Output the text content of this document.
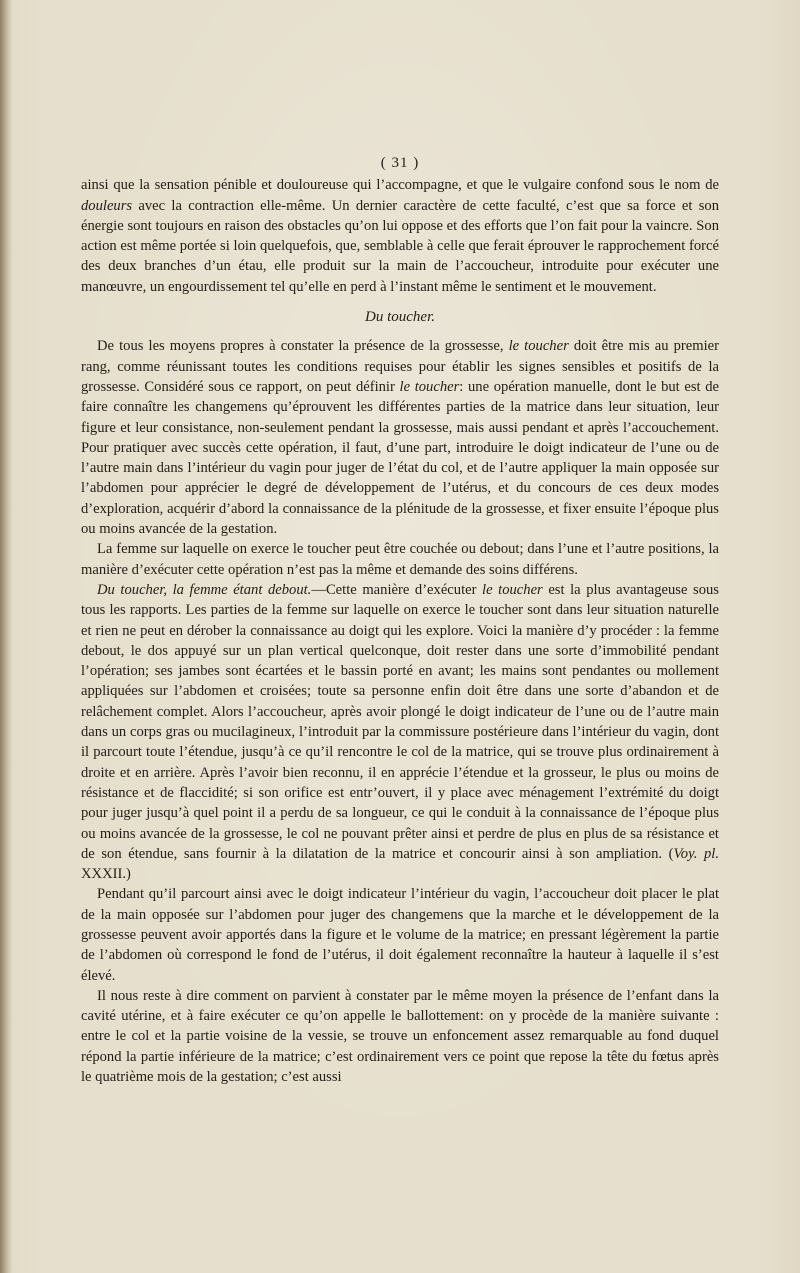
( 31 )

ainsi que la sensation pénible et douloureuse qui l’accompagne, et que le vulgaire confond sous le nom de douleurs avec la contraction elle-même. Un dernier caractère de cette faculté, c’est que sa force et son énergie sont toujours en raison des obstacles qu’on lui oppose et des efforts que l’on fait pour la vaincre. Son action est même portée si loin quelquefois, que, semblable à celle que ferait éprouver le rapprochement forcé des deux branches d’un étau, elle produit sur la main de l’accoucheur, introduite pour exécuter une manœuvre, un engourdissement tel qu’elle en perd à l’instant même le sentiment et le mouvement.

Du toucher.

De tous les moyens propres à constater la présence de la grossesse, le toucher doit être mis au premier rang, comme réunissant toutes les conditions requises pour établir les signes sensibles et positifs de la grossesse. Considéré sous ce rapport, on peut définir le toucher: une opération manuelle, dont le but est de faire connaître les changemens qu’éprouvent les différentes parties de la matrice dans leur situation, leur figure et leur consistance, non-seulement pendant la grossesse, mais aussi pendant et après l’accouchement. Pour pratiquer avec succès cette opération, il faut, d’une part, introduire le doigt indicateur de l’une ou de l’autre main dans l’intérieur du vagin pour juger de l’état du col, et de l’autre appliquer la main opposée sur l’abdomen pour apprécier le degré de développement de l’utérus, et du concours de ces deux modes d’exploration, acquérir d’abord la connaissance de la plénitude de la grossesse, et fixer ensuite l’époque plus ou moins avancée de la gestation.

La femme sur laquelle on exerce le toucher peut être couchée ou debout; dans l’une et l’autre positions, la manière d’exécuter cette opération n’est pas la même et demande des soins différens.

Du toucher, la femme étant debout.—Cette manière d’exécuter le toucher est la plus avantageuse sous tous les rapports. Les parties de la femme sur laquelle on exerce le toucher sont dans leur situation naturelle et rien ne peut en dérober la connaissance au doigt qui les explore. Voici la manière d’y procéder : la femme debout, le dos appuyé sur un plan vertical quelconque, doit rester dans une sorte d’immobilité pendant l’opération; ses jambes sont écartées et le bassin porté en avant; les mains sont pendantes ou mollement appliquées sur l’abdomen et croisées; toute sa personne enfin doit être dans une sorte d’abandon et de relâchement complet. Alors l’accoucheur, après avoir plongé le doigt indicateur de l’une ou de l’autre main dans un corps gras ou mucilagineux, l’introduit par la commissure postérieure dans l’intérieur du vagin, dont il parcourt toute l’étendue, jusqu’à ce qu’il rencontre le col de la matrice, qui se trouve plus ordinairement à droite et en arrière. Après l’avoir bien reconnu, il en apprécie l’étendue et la grosseur, le plus ou moins de résistance et de flaccidité; si son orifice est entr’ouvert, il y place avec ménagement l’extrémité du doigt pour juger jusqu’à quel point il a perdu de sa longueur, ce qui le conduit à la connaissance de l’époque plus ou moins avancée de la grossesse, le col ne pouvant prêter ainsi et perdre de plus en plus de sa résistance et de son étendue, sans fournir à la dilatation de la matrice et concourir ainsi à son ampliation. (Voy. pl. XXXII.)

Pendant qu’il parcourt ainsi avec le doigt indicateur l’intérieur du vagin, l’accoucheur doit placer le plat de la main opposée sur l’abdomen pour juger des changemens que la marche et le développement de la grossesse peuvent avoir apportés dans la figure et le volume de la matrice; en pressant légèrement la partie de l’abdomen où correspond le fond de l’utérus, il doit également reconnaître la hauteur à laquelle il s’est élevé.

Il nous reste à dire comment on parvient à constater par le même moyen la présence de l’enfant dans la cavité utérine, et à faire exécuter ce qu’on appelle le ballottement: on y procède de la manière suivante : entre le col et la partie voisine de la vessie, se trouve un enfoncement assez remarquable au fond duquel répond la partie inférieure de la matrice; c’est ordinairement vers ce point que repose la tête du fœtus après le quatrième mois de la gestation; c’est aussi
